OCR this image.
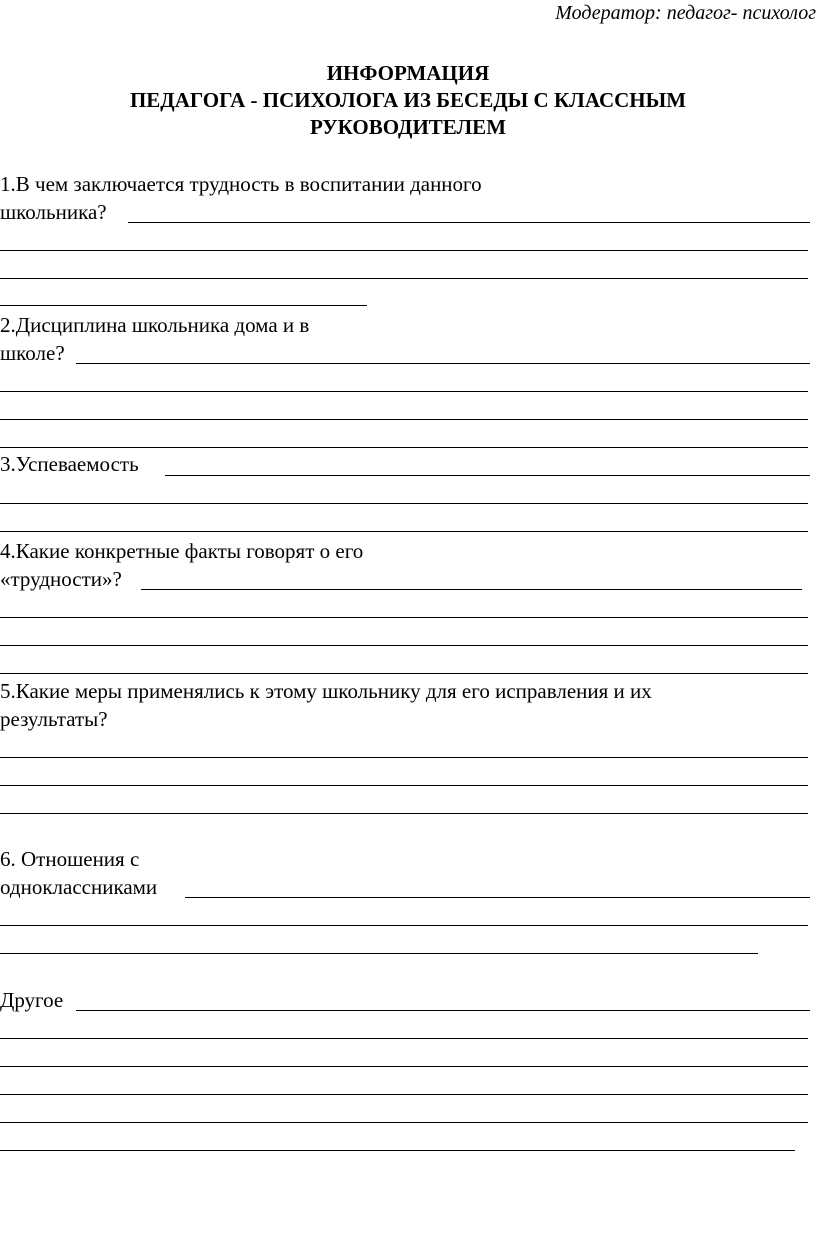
Модератор: педагог- психолог
ИНФОРМАЦИЯ
ПЕДАГОГА - ПСИХОЛОГА ИЗ БЕСЕДЫ С КЛАССНЫМ
РУКОВОДИТЕЛЕМ
1.В чем заключается трудность в воспитании данного
школьника?
2.Дисциплина школьника дома и в
школе?
3.Успеваемость
4.Какие конкретные факты говорят о его
«трудности»?
5.Какие меры применялись к этому школьнику для его исправления и их
результаты?
6. Отношения с
одноклассниками
Другое
